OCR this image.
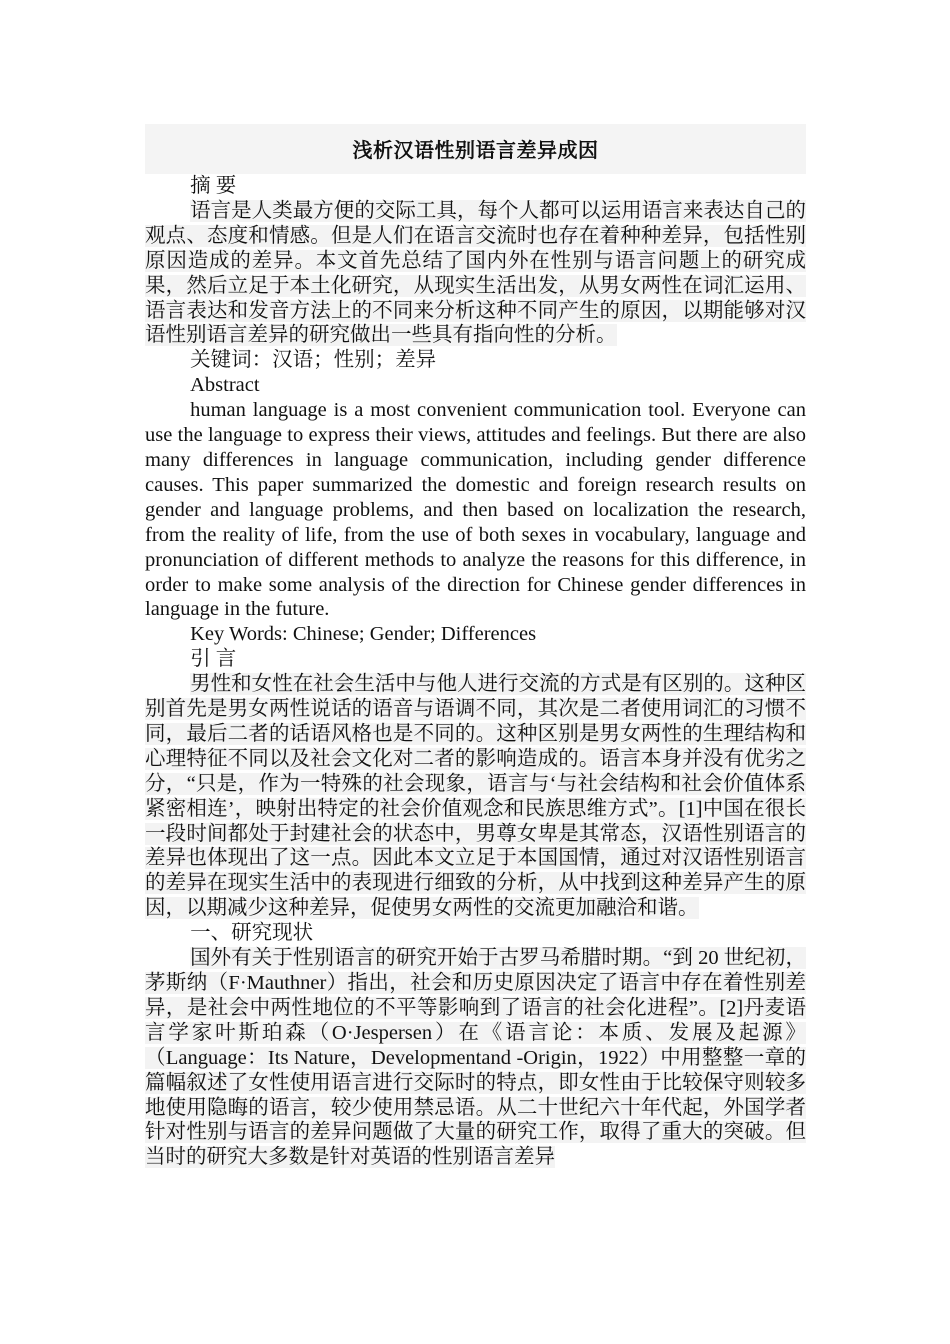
浅析汉语性别语言差异成因

摘 要

语言是人类最方便的交际工具，每个人都可以运用语言来表达自己的观点、态度和情感。但是人们在语言交流时也存在着种种差异，包括性别原因造成的差异。本文首先总结了国内外在性别与语言问题上的研究成果，然后立足于本土化研究，从现实生活出发，从男女两性在词汇运用、语言表达和发音方法上的不同来分析这种不同产生的原因，以期能够对汉语性别语言差异的研究做出一些具有指向性的分析。

关键词：汉语；性别；差异

Abstract

human language is a most convenient communication tool. Everyone can use the language to express their views, attitudes and feelings. But there are also many differences in language communication, including gender difference causes. This paper summarized the domestic and foreign research results on gender and language problems, and then based on localization the research, from the reality of life, from the use of both sexes in vocabulary, language and pronunciation of different methods to analyze the reasons for this difference, in order to make some analysis of the direction for Chinese gender differences in language in the future.

Key Words: Chinese; Gender; Differences

引 言

男性和女性在社会生活中与他人进行交流的方式是有区别的。这种区别首先是男女两性说话的语音与语调不同，其次是二者使用词汇的习惯不同，最后二者的话语风格也是不同的。这种区别是男女两性的生理结构和心理特征不同以及社会文化对二者的影响造成的。语言本身并没有优劣之分，“只是，作为一特殊的社会现象，语言与‘与社会结构和社会价值体系紧密相连’，映射出特定的社会价值观念和民族思维方式”。[1]中国在很长一段时间都处于封建社会的状态中，男尊女卑是其常态，汉语性别语言的差异也体现出了这一点。因此本文立足于本国国情，通过对汉语性别语言的差异在现实生活中的表现进行细致的分析，从中找到这种差异产生的原因，以期减少这种差异，促使男女两性的交流更加融洽和谐。

一、研究现状

国外有关于性别语言的研究开始于古罗马希腊时期。“到 20 世纪初，茅斯纳（F·Mauthner）指出，社会和历史原因决定了语言中存在着性别差异，是社会中两性地位的不平等影响到了语言的社会化进程”。[2]丹麦语言学家叶斯珀森（O·Jespersen）在《语言论：本质、发展及起源》（Language：Its Nature，Developmentand -Origin，1922）中用整整一章的篇幅叙述了女性使用语言进行交际时的特点，即女性由于比较保守则较多地使用隐晦的语言，较少使用禁忌语。从二十世纪六十年代起，外国学者针对性别与语言的差异问题做了大量的研究工作，取得了重大的突破。但当时的研究大多数是针对英语的性别语言差异
